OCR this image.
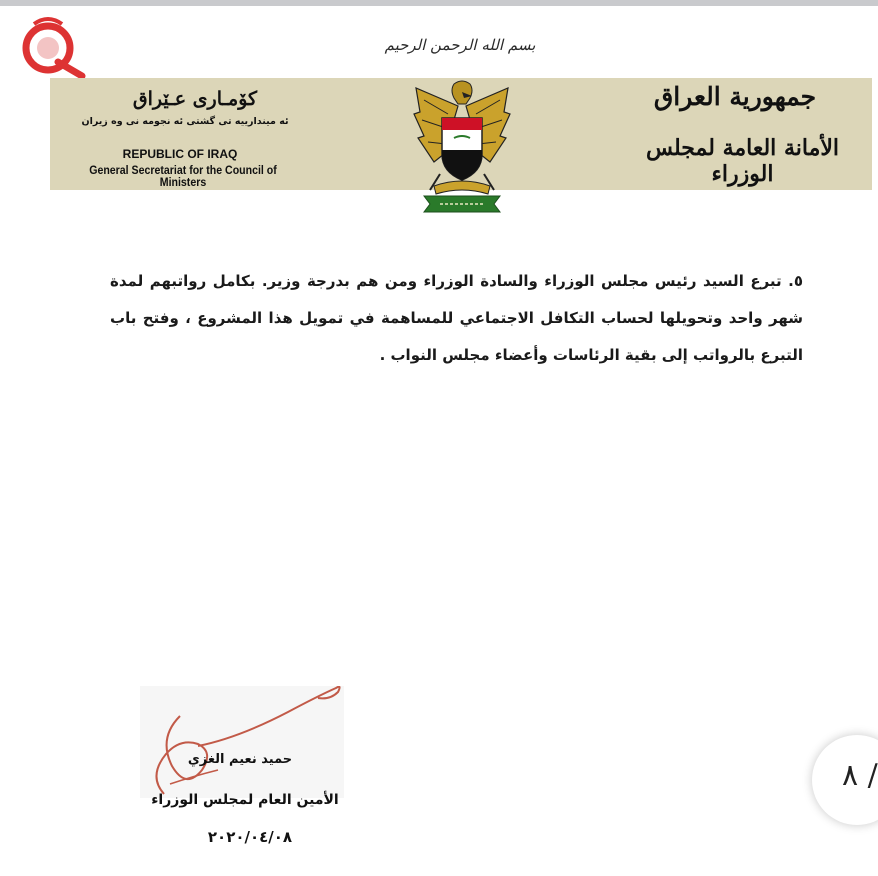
بسم الله الرحمن الرحيم
كۆمـاری عـێراق
ئه‌ میندارییه‌ تی گشتی ئه‌ نجومه‌ نی وه‌ زیران
REPUBLIC OF IRAQ
General Secretariat for the Council of Ministers
جمهورية العراق
الأمانة العامة لمجلس الوزراء
٥. تبرع السيد رئيس مجلس الوزراء والسادة الوزراء ومن هم بدرجة وزير. بكامل رواتبهم لمدة شهر واحد وتحويلها لحساب التكافل الاجتماعي للمساهمة في تمويل هذا المشروع ، وفتح باب التبرع بالرواتب إلى بقية الرئاسات وأعضاء مجلس النواب .
حميد نعيم الغزي
الأمين العام لمجلس الوزراء
٢٠٢٠/٠٤/٠٨
٨ /
